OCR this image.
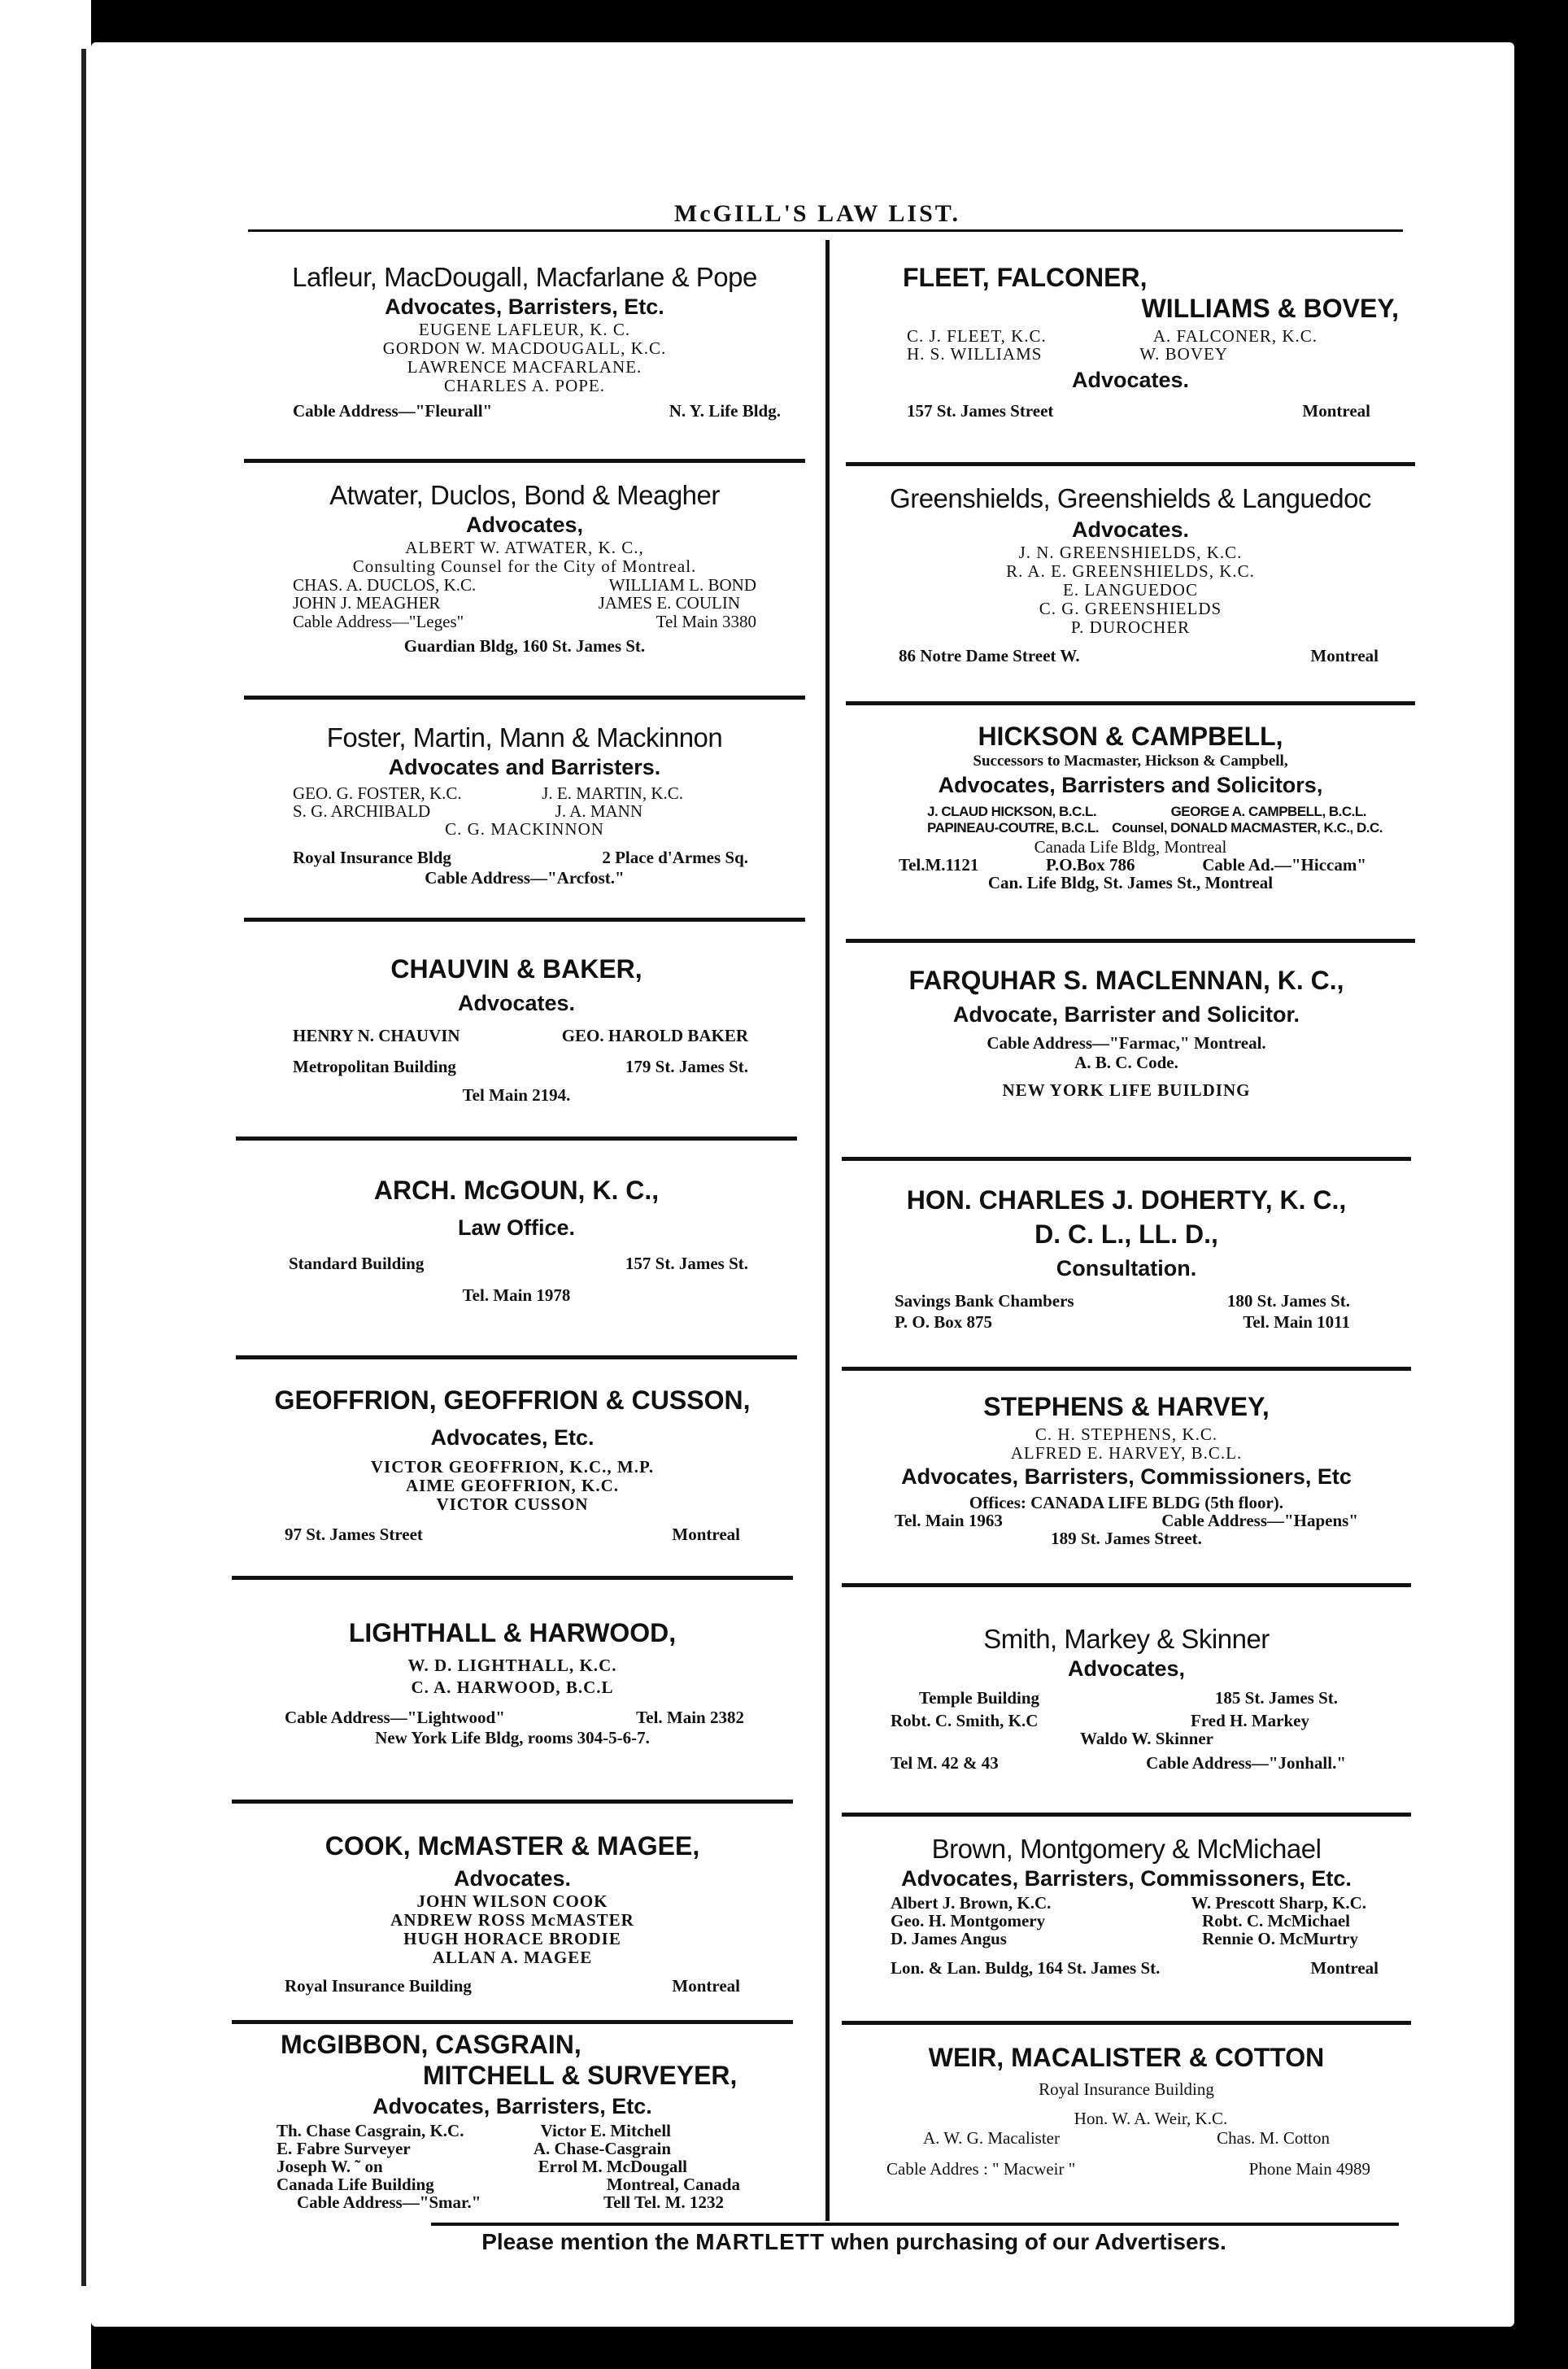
McGILL'S LAW LIST.
Lafleur, MacDougall, Macfarlane & Pope
Advocates, Barristers, Etc.
EUGENE LAFLEUR, K. C.
GORDON W. MACDOUGALL, K.C.
LAWRENCE MACFARLANE.
CHARLES A. POPE.
Cable Address—"Fleurall"	N. Y. Life Bldg.
Atwater, Duclos, Bond & Meagher
Advocates,
ALBERT W. ATWATER, K. C.,
Consulting Counsel for the City of Montreal.
CHAS. A. DUCLOS, K.C.	WILLIAM L. BOND
JOHN J. MEAGHER	JAMES E. COULIN
Cable Address—"Leges"	Tel Main 3380
Guardian Bldg, 160 St. James St.
Foster, Martin, Mann & Mackinnon
Advocates and Barristers.
GEO. G. FOSTER, K.C.	J. E. MARTIN, K.C.
S. G. ARCHIBALD	J. A. MANN
C. G. MACKINNON
Royal Insurance Bldg	2 Place d'Armes Sq.
Cable Address—"Arcfost."
CHAUVIN & BAKER,
Advocates.
HENRY N. CHAUVIN	GEO. HAROLD BAKER
Metropolitan Building	179 St. James St.
Tel Main 2194.
ARCH. McGOUN, K. C.,
Law Office.
Standard Building	157 St. James St.
Tel. Main 1978
GEOFFRION, GEOFFRION & CUSSON,
Advocates, Etc.
VICTOR GEOFFRION, K.C., M.P.
AIME GEOFFRION, K.C.
VICTOR CUSSON
97 St. James Street	Montreal
LIGHTHALL & HARWOOD,
W. D. LIGHTHALL, K.C.
C. A. HARWOOD, B.C.L
Cable Address—"Lightwood"	Tel. Main 2382
New York Life Bldg, rooms 304-5-6-7.
COOK, McMASTER & MAGEE,
Advocates.
JOHN WILSON COOK
ANDREW ROSS McMASTER
HUGH HORACE BRODIE
ALLAN A. MAGEE
Royal Insurance Building	Montreal
McGIBBON, CASGRAIN,
MITCHELL & SURVEYER,
Advocates, Barristers, Etc.
Th. Chase Casgrain, K.C.	Victor E. Mitchell
E. Fabre Surveyer	A. Chase-Casgrain
Joseph W. ˜ on	Errol M. McDougall
Canada Life Building	Montreal, Canada
Cable Address—"Smar."	Tell Tel. M. 1232
FLEET, FALCONER,
WILLIAMS & BOVEY,
C. J. FLEET, K.C.	A. FALCONER, K.C.
H. S. WILLIAMS	W. BOVEY
Advocates.
157 St. James Street	Montreal
Greenshields, Greenshields & Languedoc
Advocates.
J. N. GREENSHIELDS, K.C.
R. A. E. GREENSHIELDS, K.C.
E. LANGUEDOC
C. G. GREENSHIELDS
P. DUROCHER
86 Notre Dame Street W.	Montreal
HICKSON & CAMPBELL,
Successors to Macmaster, Hickson & Campbell,
Advocates, Barristers and Solicitors,
J. CLAUD HICKSON, B.C.L.	GEORGE A. CAMPBELL, B.C.L.
PAPINEAU-COUTRE, B.C.L. Counsel, DONALD MACMASTER, K.C., D.C.
Canada Life Bldg, Montreal
Tel.M.1121	P.O.Box 786	Cable Ad.—"Hiccam"
Can. Life Bldg, St. James St., Montreal
FARQUHAR S. MACLENNAN, K. C.,
Advocate, Barrister and Solicitor.
Cable Address—"Farmac," Montreal.
A. B. C. Code.
NEW YORK LIFE BUILDING
HON. CHARLES J. DOHERTY, K. C.,
D. C. L., LL. D.,
Consultation.
Savings Bank Chambers	180 St. James St.
P. O. Box 875	Tel. Main 1011
STEPHENS & HARVEY,
C. H. STEPHENS, K.C.
ALFRED E. HARVEY, B.C.L.
Advocates, Barristers, Commissioners, Etc
Offices: CANADA LIFE BLDG (5th floor).
Tel. Main 1963	Cable Address—"Hapens"
189 St. James Street.
Smith, Markey & Skinner
Advocates,
Temple Building	185 St. James St.
Robt. C. Smith, K.C	Fred H. Markey
Waldo W. Skinner
Tel M. 42 & 43	Cable Address—"Jonhall."
Brown, Montgomery & McMichael
Advocates, Barristers, Commissoners, Etc.
Albert J. Brown, K.C.	W. Prescott Sharp, K.C.
Geo. H. Montgomery	Robt. C. McMichael
D. James Angus	Rennie O. McMurtry
Lon. & Lan. Buldg, 164 St. James St.	Montreal
WEIR, MACALISTER & COTTON
Royal Insurance Building
Hon. W. A. Weir, K.C.
A. W. G. Macalister	Chas. M. Cotton
Cable Addres : " Macweir "	Phone Main 4989
Please mention the MARTLETT when purchasing of our Advertisers.
